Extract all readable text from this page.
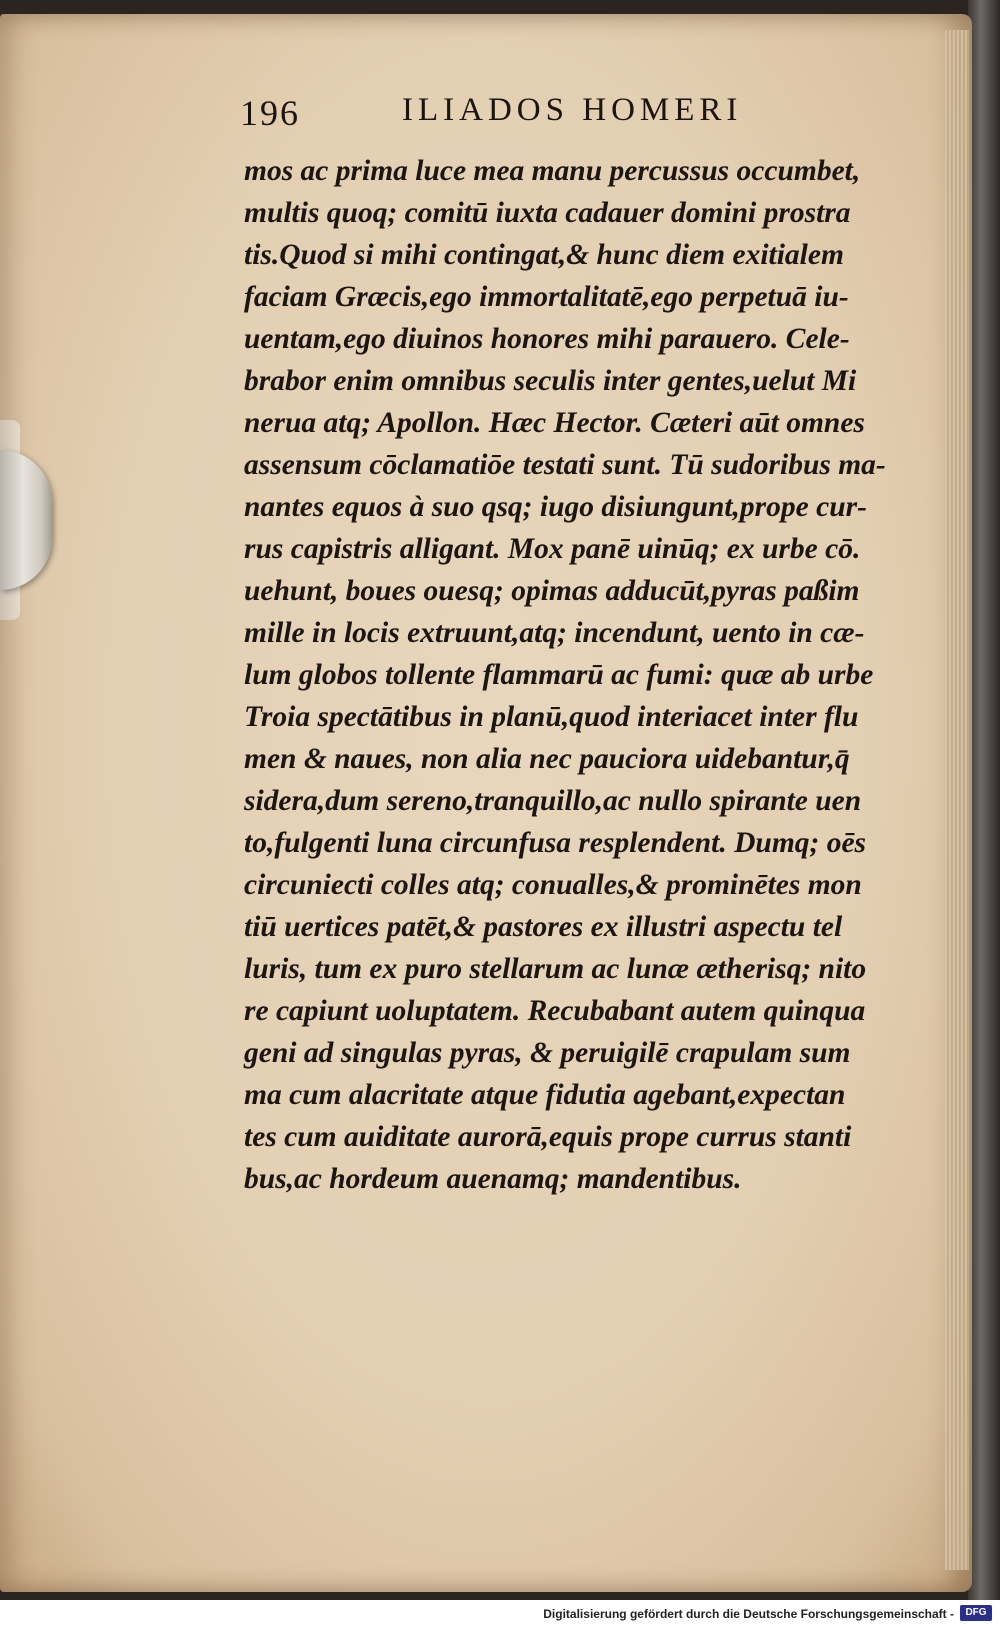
196	ILIADOS HOMERI
mos ac prima luce mea manu percussus occumbet,
multis quoq; comitū iuxta cadauer domini prostra
tis.Quod si mihi contingat,& hunc diem exitialem
faciam Græcis,ego immortalitatē,ego perpetuā iu-
uentam,ego diuinos honores mihi parauero. Cele-
brabor enim omnibus seculis inter gentes,uelut Mi
nerua atq; Apollon. Hæc Hector. Cæteri aūt omnes
assensum cōclamatiōe testati sunt. Tū sudoribus ma-
nantes equos à suo qsq; iugo disiungunt,prope cur-
rus capistris alligant. Mox panē uinūq; ex urbe cō.
uehunt, boues ouesq; opimas adducūt,pyras paßim
mille in locis extruunt,atq; incendunt, uento in cæ-
lum globos tollente flammarū ac fumi: quæ ab urbe
Troia spectātibus in planū,quod interiacet inter flu
men & naues, non alia nec pauciora uidebantur,q̄
sidera,dum sereno,tranquillo,ac nullo spirante uen
to,fulgenti luna circunfusa resplendent. Dumq; oēs
circuniecti colles atq; conualles,& prominētes mon
tiū uertices patēt,& pastores ex illustri aspectu tel
luris, tum ex puro stellarum ac lunæ ætherisq; nito
re capiunt uoluptatem. Recubabant autem quinqua
geni ad singulas pyras, & peruigilē crapulam sum
ma cum alacritate atque fidutia agebant,expectan
tes cum auiditate aurorā,equis prope currus stanti
bus,ac hordeum auenamq; mandentibus.
Digitalisierung gefördert durch die Deutsche Forschungsgemeinschaft -	DFG
